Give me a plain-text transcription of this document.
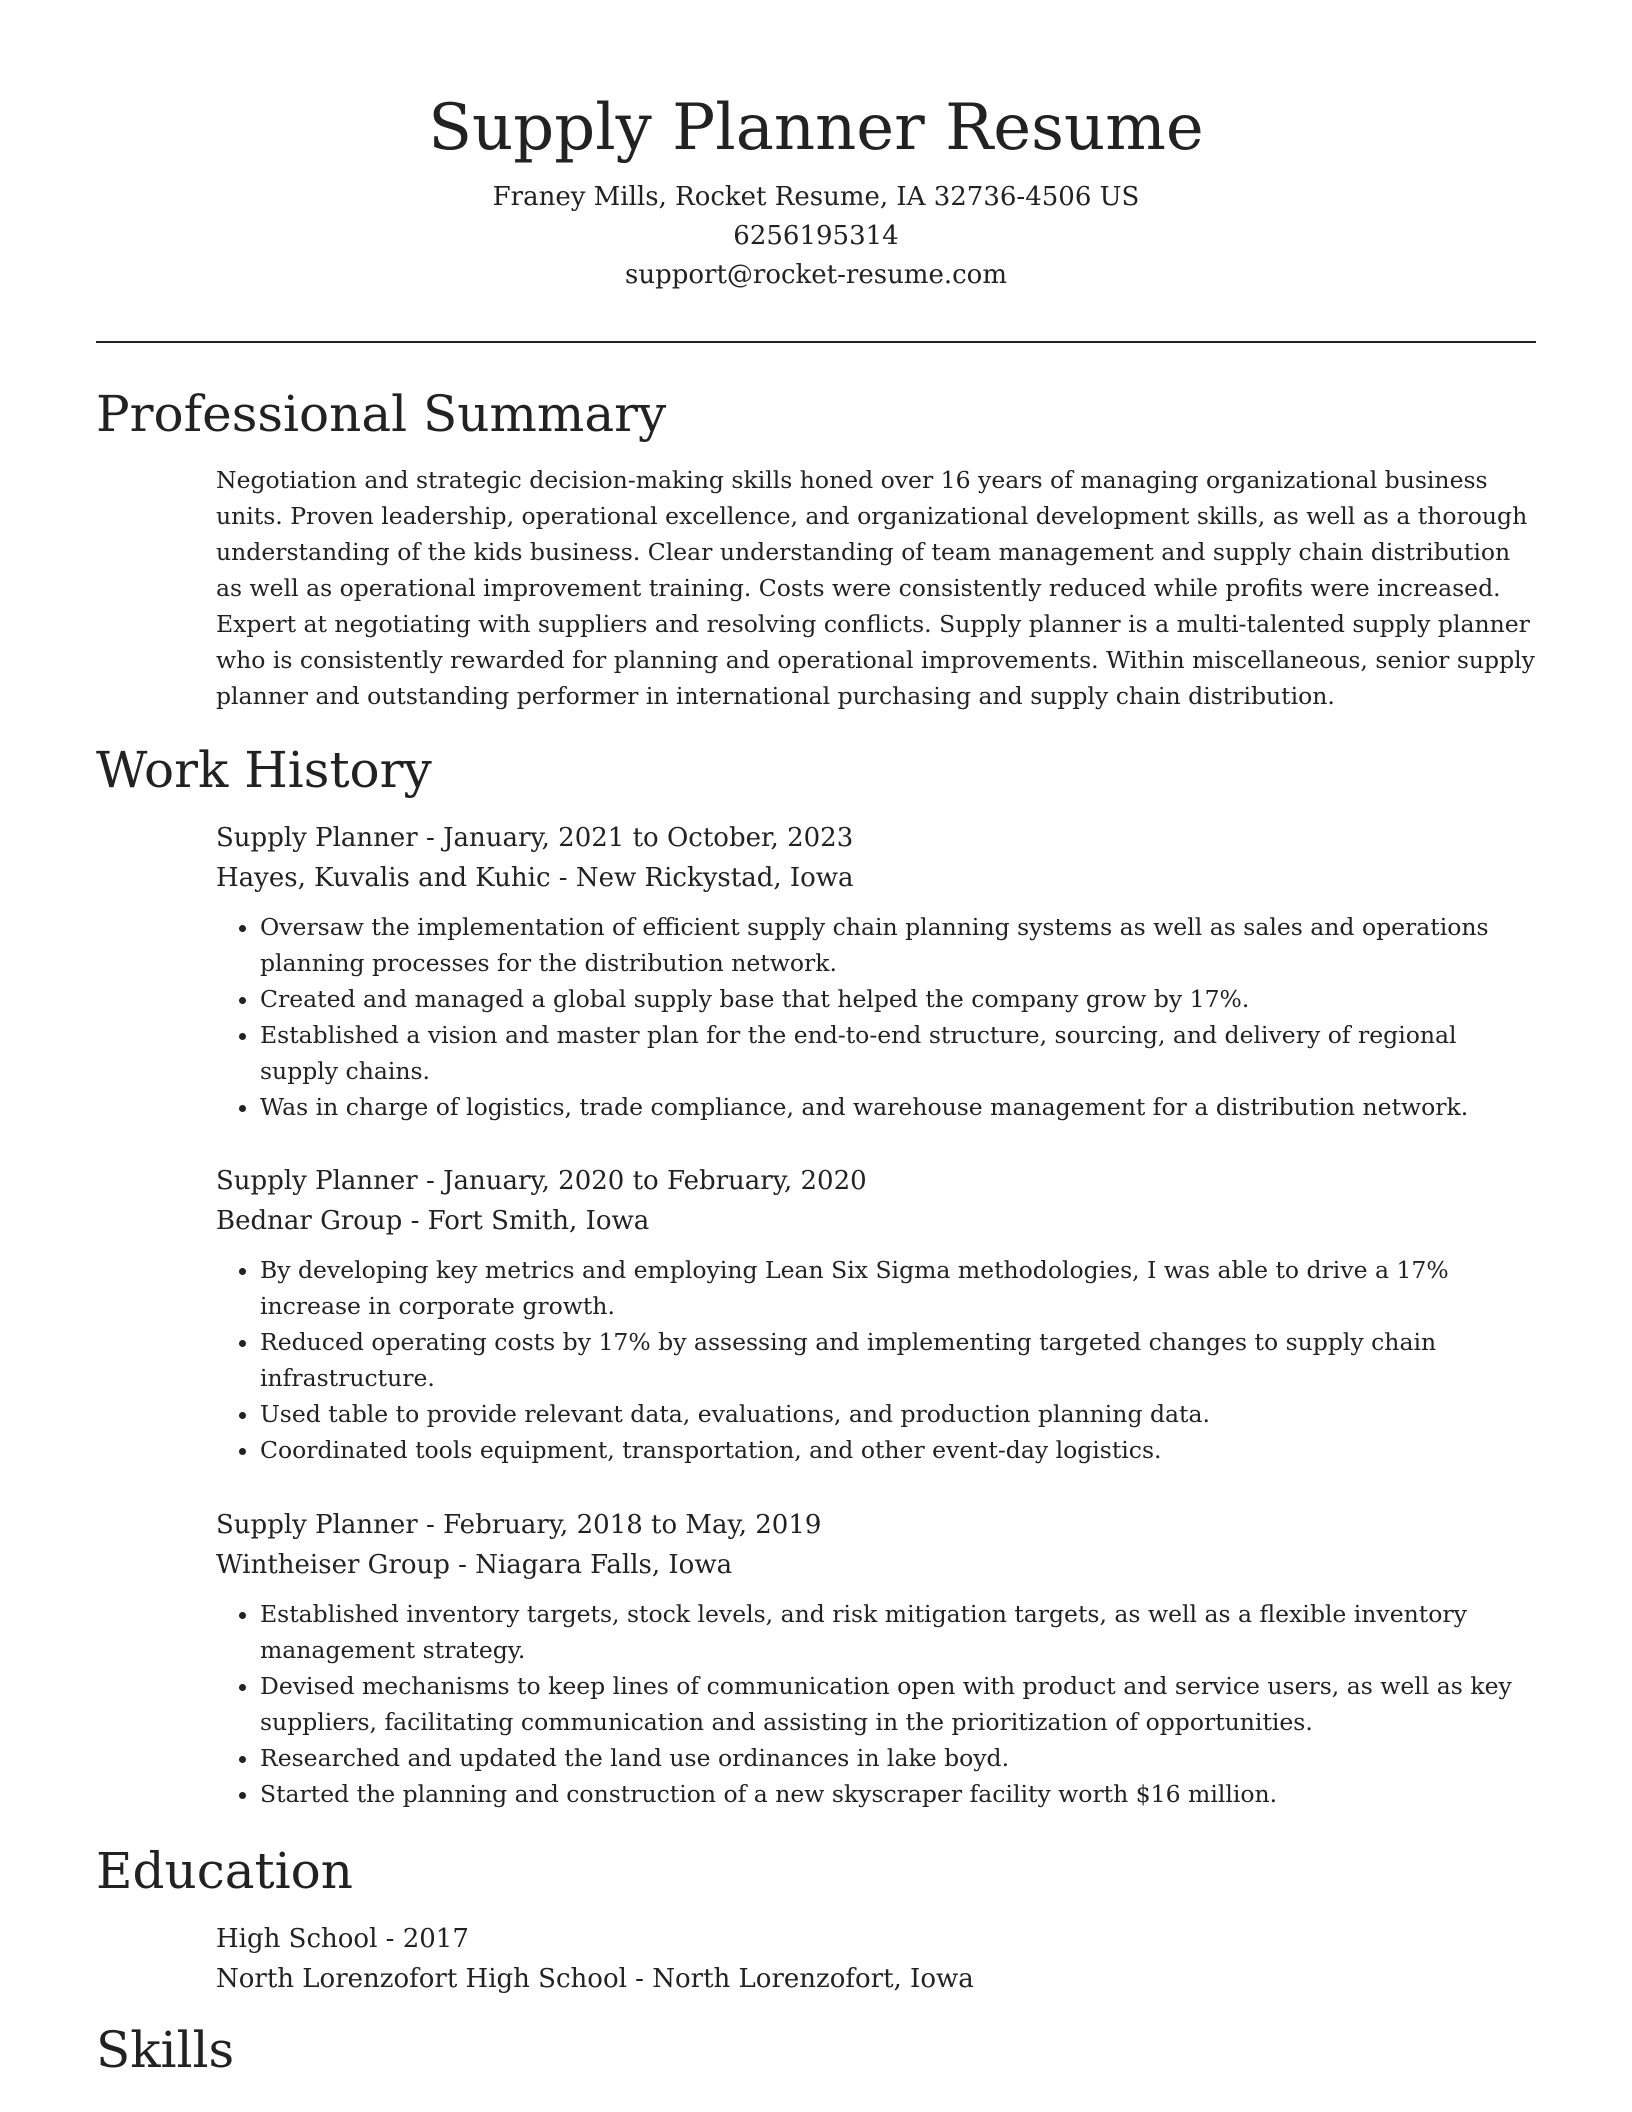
Supply Planner Resume
Franey Mills, Rocket Resume, IA 32736-4506 US
6256195314
support@rocket-resume.com
Professional Summary

Negotiation and strategic decision-making skills honed over 16 years of managing organizational business units. Proven leadership, operational excellence, and organizational development skills, as well as a thorough understanding of the kids business. Clear understanding of team management and supply chain distribution as well as operational improvement training. Costs were consistently reduced while profits were increased. Expert at negotiating with suppliers and resolving conflicts. Supply planner is a multi-talented supply planner who is consistently rewarded for planning and operational improvements. Within miscellaneous, senior supply planner and outstanding performer in international purchasing and supply chain distribution.

Work History
Supply Planner - January, 2021 to October, 2023
Hayes, Kuvalis and Kuhic - New Rickystad, Iowa
• Oversaw the implementation of efficient supply chain planning systems as well as sales and operations planning processes for the distribution network.
• Created and managed a global supply base that helped the company grow by 17%.
• Established a vision and master plan for the end-to-end structure, sourcing, and delivery of regional supply chains.
• Was in charge of logistics, trade compliance, and warehouse management for a distribution network.
Supply Planner - January, 2020 to February, 2020
Bednar Group - Fort Smith, Iowa
• By developing key metrics and employing Lean Six Sigma methodologies, I was able to drive a 17% increase in corporate growth.
• Reduced operating costs by 17% by assessing and implementing targeted changes to supply chain infrastructure.
• Used table to provide relevant data, evaluations, and production planning data.
• Coordinated tools equipment, transportation, and other event-day logistics.
Supply Planner - February, 2018 to May, 2019
Wintheiser Group - Niagara Falls, Iowa
• Established inventory targets, stock levels, and risk mitigation targets, as well as a flexible inventory management strategy.
• Devised mechanisms to keep lines of communication open with product and service users, as well as key suppliers, facilitating communication and assisting in the prioritization of opportunities.
• Researched and updated the land use ordinances in lake boyd.
• Started the planning and construction of a new skyscraper facility worth $16 million.
Education
High School - 2017
North Lorenzofort High School - North Lorenzofort, Iowa
Skills
